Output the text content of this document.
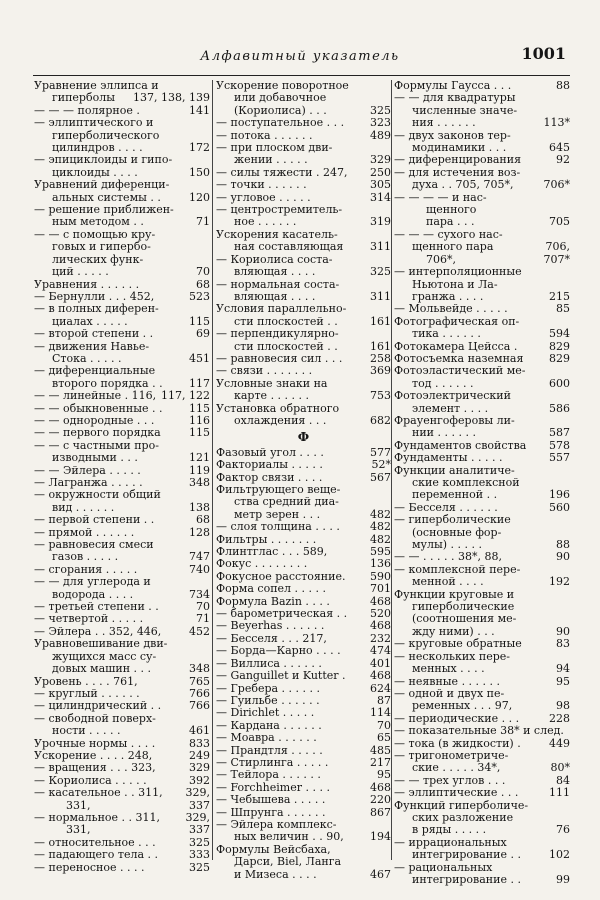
Алфавитный указатель	1001
Уравнение эллипса и
гиперболы	137, 138, 139
— — — полярное .	141
— эллиптического и
гиперболического
цилиндров . . . .	172
— эпициклоиды и гипо-
циклоиды . . . .	150
Уравнений диференци-
альных системы . .	120
— решение приближен-
ным методом . .	71
— — с помощью кру-
говых и гипербо-
лических функ-
ций . . . . .	70
Уравнения . . . . . .	68
— Бернулли . . . 452,	523
— в полных диферен-
циалах . . . . .	115
— второй степени . .	69
— движения Навье-
Стока . . . . .	451
— диференциальные
второго порядка . .	117
— — линейные . 116, 117, 122
— — обыкновенные . .	115
— — однородные . . .	116
— — первого порядка	115
— — с частными про-
изводными . . .	121
— — Эйлера . . . . .	119
— Лагранжа . . . . .	348
— окружности общий
вид . . . . . .	138
— первой степени . .	68
— прямой . . . . . .	128
— равновесия смеси
газов . . . . .	747
— сгорания . . . . .	740
— — для углерода и
водорода . . . .	734
— третьей степени . .	70
— четвертой . . . . .	71
— Эйлера . . 352, 446,	452
Уравновешивание дви-
жущихся масс су-
довых машин . . .	348
Уровень . . . . 761,	765
— круглый . . . . . .	766
— цилиндрический . .	766
— свободной поверх-
ности . . . . .	461
Урочные нормы . . . .	833
Ускорение . . . . 248,	249
— вращения . . . 323,	329
— Кориолиса . . . . .	392
— касательное . . 311,	329,
331,	337
— нормальное . . 311,	329,
331,	337
— относительное . . .	325
— падающего тела . .	333
— переносное . . . .	325
Ускорение поворотное
или добавочное
(Кориолиса) . . .	325
— поступательное . . .	323
— потока . . . . . .	489
— при плоском дви-
жении . . . . .	329
— силы тяжести . 247,	250
— точки . . . . . .	305
— угловое . . . . .	314
— центростремитель-
ное . . . . . .	319
Ускорения касатель-
ная составляющая	311
— Кориолиса соста-
вляющая . . . .	325
— нормальная соста-
вляющая . . . .	311
Условия параллельно-
сти плоскостей . .	161
— перпендикулярно-
сти плоскостей . .	161
— равновесия сил . . .	258
— связи . . . . . . .	369
Условные знаки на
карте . . . . . .	753
Установка обратного
охлаждения . . .	682
Ф
Фазовый угол . . . .	577
Факториалы . . . . .	52*
Фактор связи . . . .	567
Фильтрующего веще-
ства средний диа-
метр зерен . . .	482
— слоя толщина . . . .	482
Фильтры . . . . . . .	482
Флинтглас . . . 589,	595
Фокус . . . . . . . .	136
Фокусное расстояние.	590
Форма сопел . . . . .	701
Формула Bazin . . . .	468
— барометрическая . .	520
— Beyerhas . . . . . .	468
— Бесселя . . . 217,	232
— Борда—Карно . . . .	474
— Виллиса . . . . . .	401
— Ganguillet и Kutter .	468
— Гребера . . . . . .	624
— Гуильбе . . . . . .	87
— Dirichlet . . . . .	114
— Кардана . . . . . .	70
— Моавра . . . . . .	65
— Прандтля . . . . .	485
— Стирлинга . . . . .	217
— Тейлора . . . . . .	95
— Forchheimer . . . .	468
— Чебышева . . . . .	220
— Шпрунга . . . . . .	867
— Эйлера комплекс-
ных величин . . 90,	194
Формулы Вейсбаха,
Дарси, Biel, Ланга
и Мизеса . . . .	467
Формулы Гаусса . . .	88
— — для квадратуры
численные значе-
ния . . . . . .	113*
— двух законов тер-
модинамики . . .	645
— диференцирования	92
— для истечения воз-
духа . . 705, 705*,	706*
— — — — и нас-
щенного
пара . . .	705
— — — сухого нас-
щенного пара	706,
706*,	707*
— интерполяционные
Ньютона и Ла-
гранжа . . . .	215
— Мольвейде . . . . .	85
Фотографическая оп-
тика . . . . . .	594
Фотокамера Цейсса .	829
Фотосъемка наземная	829
Фотоэластический ме-
тод . . . . . .	600
Фотоэлектрический
элемент . . . .	586
Фрауенгоферовы ли-
нии . . . . . .	587
Фундаментов свойства	578
Фундаменты . . . . .	557
Функции аналитиче-
ские комплексной
переменной . .	196
— Бесселя . . . . . .	560
— гиперболические
(основные фор-
мулы) . . . . .	88
— — . . . . . 38*, 88,	90
— комплексной пере-
менной . . . .	192
Функции круговые и
гиперболические
(соотношения ме-
жду ними) . . .	90
— круговые обратные	83
— нескольких пере-
менных . . . .	94
— неявные . . . . . .	95
— одной и двух пе-
ременных . . . 97,	98
— периодические . . .	228
— показательные 38* и след.
— тока (в жидкости) .	449
— тригонометриче-
ские . . . . . 34*,	80*
— — трех углов . . .	84
— эллиптические . . .	111
Функций гиперболиче-
ских разложение
в ряды . . . . .	76
— иррациональных
интегрирование . .	102
— рациональных
интегрирование . .	99
